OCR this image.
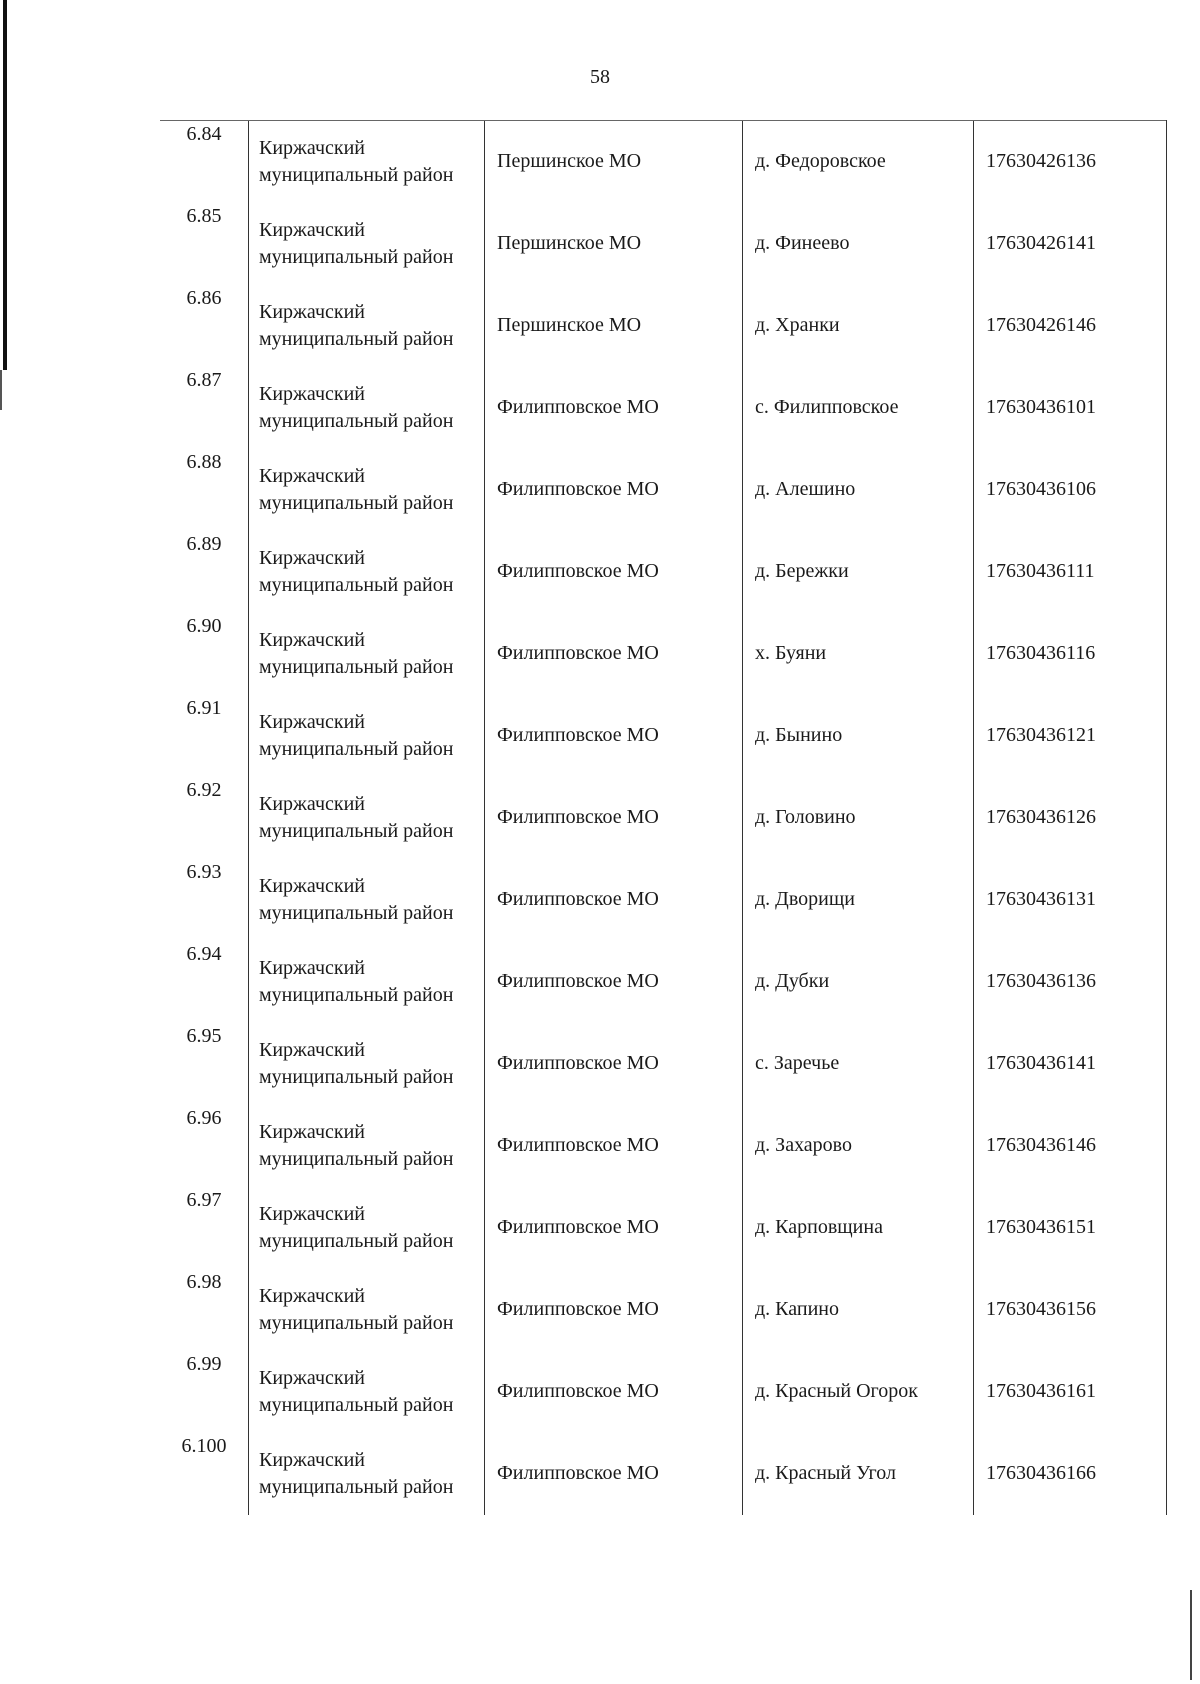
58
6.84	Киржачский муниципальный район	Першинское МО	д. Федоровское	17630426136
6.85	Киржачский муниципальный район	Першинское МО	д. Финеево	17630426141
6.86	Киржачский муниципальный район	Першинское МО	д. Хранки	17630426146
6.87	Киржачский муниципальный район	Филипповское МО	с. Филипповское	17630436101
6.88	Киржачский муниципальный район	Филипповское МО	д. Алешино	17630436106
6.89	Киржачский муниципальный район	Филипповское МО	д. Бережки	17630436111
6.90	Киржачский муниципальный район	Филипповское МО	х. Буяни	17630436116
6.91	Киржачский муниципальный район	Филипповское МО	д. Бынино	17630436121
6.92	Киржачский муниципальный район	Филипповское МО	д. Головино	17630436126
6.93	Киржачский муниципальный район	Филипповское МО	д. Дворищи	17630436131
6.94	Киржачский муниципальный район	Филипповское МО	д. Дубки	17630436136
6.95	Киржачский муниципальный район	Филипповское МО	с. Заречье	17630436141
6.96	Киржачский муниципальный район	Филипповское МО	д. Захарово	17630436146
6.97	Киржачский муниципальный район	Филипповское МО	д. Карповщина	17630436151
6.98	Киржачский муниципальный район	Филипповское МО	д. Капино	17630436156
6.99	Киржачский муниципальный район	Филипповское МО	д. Красный Огорок	17630436161
6.100	Киржачский муниципальный район	Филипповское МО	д. Красный Угол	17630436166
